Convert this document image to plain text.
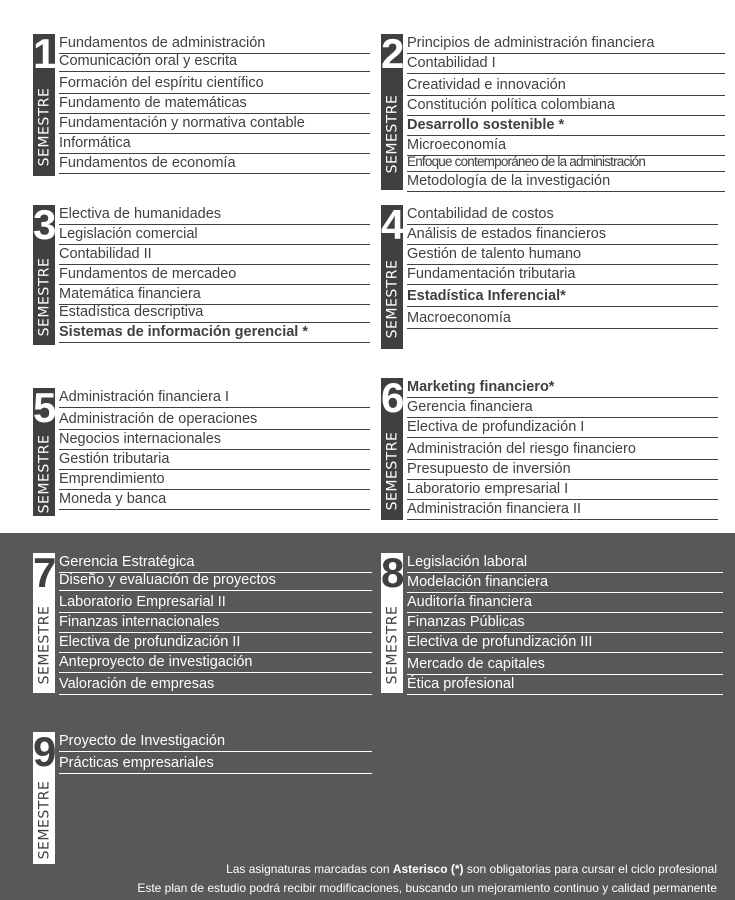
1
SEMESTRE
Fundamentos de administración
Comunicación oral y escrita
Formación del espíritu científico
Fundamento de matemáticas
Fundamentación y normativa contable
Informática
Fundamentos de economía
2
SEMESTRE
Principios de administración financiera
Contabilidad I
Creatividad e innovación
Constitución política colombiana
Desarrollo sostenible *
Microeconomía
Enfoque contemporáneo de la administración
Metodología de la investigación
3
SEMESTRE
Electiva de humanidades
Legislación comercial
Contabilidad II
Fundamentos de mercadeo
Matemática financiera
Estadística descriptiva
Sistemas de información gerencial *
4
SEMESTRE
Contabilidad de costos
Análisis de estados financieros
Gestión de talento humano
Fundamentación tributaria
Estadística Inferencial*
Macroeconomía
5
SEMESTRE
Administración financiera I
Administración de operaciones
Negocios internacionales
Gestión tributaria
Emprendimiento
Moneda y banca
6
SEMESTRE
Marketing financiero*
Gerencia financiera
Electiva de profundización I
Administración del riesgo financiero
Presupuesto de inversión
Laboratorio empresarial I
Administración financiera II
7
SEMESTRE
Gerencia Estratégica
Diseño y evaluación de proyectos
Laboratorio Empresarial II
Finanzas internacionales
Electiva de profundización II
Anteproyecto de investigación
Valoración de empresas
8
SEMESTRE
Legislación laboral
Modelación financiera
Auditoría financiera
Finanzas Públicas
Electiva de profundización III
Mercado de capitales
Ética profesional
9
SEMESTRE
Proyecto de Investigación
Prácticas empresariales
Las asignaturas marcadas con Asterisco (*) son obligatorias para cursar el ciclo profesional
Este plan de estudio podrá recibir modificaciones, buscando un mejoramiento continuo y calidad permanente
